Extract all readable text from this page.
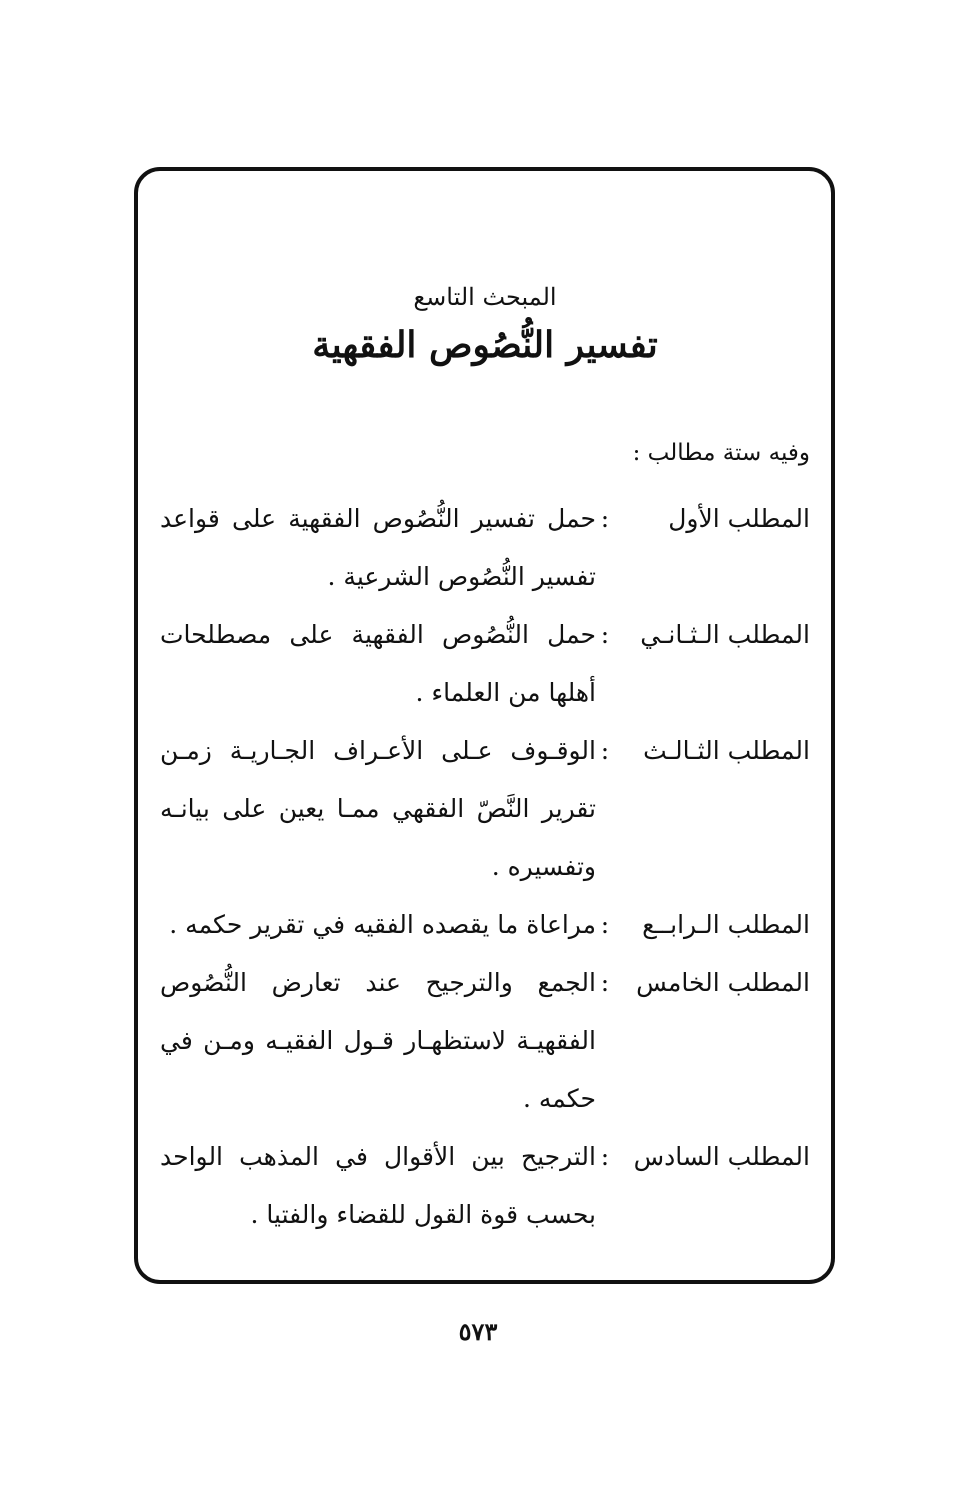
المبحث التاسع
تفسير النُّصُوص الفقهية
وفيه ستة مطالب :
المطلب الأول
:
حمل تفسير النُّصُوص الفقهية على قواعد
تفسير النُّصُوص الشرعية .
المطلب الـثـانـي
:
حمل النُّصُوص الفقهية على مصطلحات
أهلها من العلماء .
المطلب الثـالـث
:
الوقـوف عـلى الأعـراف الجـاريـة زمـن
تقرير النَّصّ الفقهي ممـا يعين على بيانـه
وتفسيره .
المطلب الـرابــع
:
مراعاة ما يقصده الفقيه في تقرير حكمه .
المطلب الخامس
:
الجمع والترجيح عند تعارض النُّصُوص
الفقهيـة لاستظهـار قـول الفقيـه ومـن في
حكمه .
المطلب السادس
:
الترجيح بين الأقوال في المذهب الواحد
بحسب قوة القول للقضاء والفتيا .
٥٧٣
